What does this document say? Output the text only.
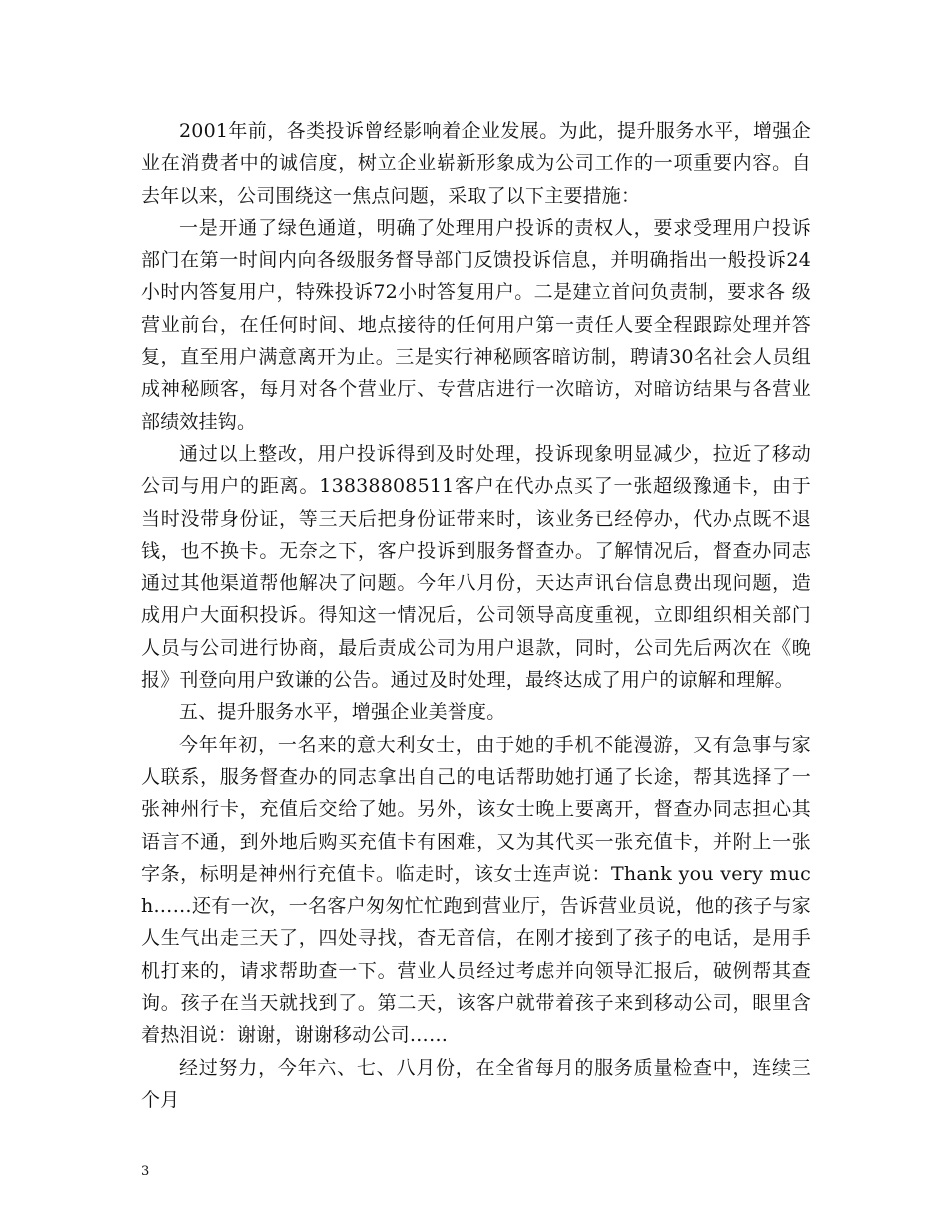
2001年前，各类投诉曾经影响着企业发展。为此，提升服务水平，增强企业在消费者中的诚信度，树立企业崭新形象成为公司工作的一项重要内容。自去年以来，公司围绕这一焦点问题，采取了以下主要措施：

一是开通了绿色通道，明确了处理用户投诉的责权人，要求受理用户投诉部门在第一时间内向各级服务督导部门反馈投诉信息，并明确指出一般投诉24小时内答复用户，特殊投诉72小时答复用户。二是建立首问负责制，要求各 级营业前台，在任何时间、地点接待的任何用户第一责任人要全程跟踪处理并答复，直至用户满意离开为止。三是实行神秘顾客暗访制，聘请30名社会人员组成神秘顾客，每月对各个营业厅、专营店进行一次暗访，对暗访结果与各营业部绩效挂钩。

通过以上整改，用户投诉得到及时处理，投诉现象明显减少，拉近了移动公司与用户的距离。13838808511客户在代办点买了一张超级豫通卡，由于当时没带身份证，等三天后把身份证带来时，该业务已经停办，代办点既不退钱，也不换卡。无奈之下，客户投诉到服务督查办。了解情况后，督查办同志通过其他渠道帮他解决了问题。今年八月份，天达声讯台信息费出现问题，造成用户大面积投诉。得知这一情况后，公司领导高度重视，立即组织相关部门人员与公司进行协商，最后责成公司为用户退款，同时，公司先后两次在《晚报》刊登向用户致谦的公告。通过及时处理，最终达成了用户的谅解和理解。

五、提升服务水平，增强企业美誉度。

今年年初，一名来的意大利女士，由于她的手机不能漫游，又有急事与家人联系，服务督查办的同志拿出自己的电话帮助她打通了长途，帮其选择了一张神州行卡，充值后交给了她。另外，该女士晚上要离开，督查办同志担心其语言不通，到外地后购买充值卡有困难，又为其代买一张充值卡，并附上一张字条，标明是神州行充值卡。临走时，该女士连声说：Thank you very much……还有一次，一名客户匆匆忙忙跑到营业厅，告诉营业员说，他的孩子与家人生气出走三天了，四处寻找，杳无音信，在刚才接到了孩子的电话，是用手机打来的，请求帮助查一下。营业人员经过考虑并向领导汇报后，破例帮其查询。孩子在当天就找到了。第二天，该客户就带着孩子来到移动公司，眼里含着热泪说：谢谢，谢谢移动公司……

经过努力，今年六、七、八月份，在全省每月的服务质量检查中，连续三个月

3
